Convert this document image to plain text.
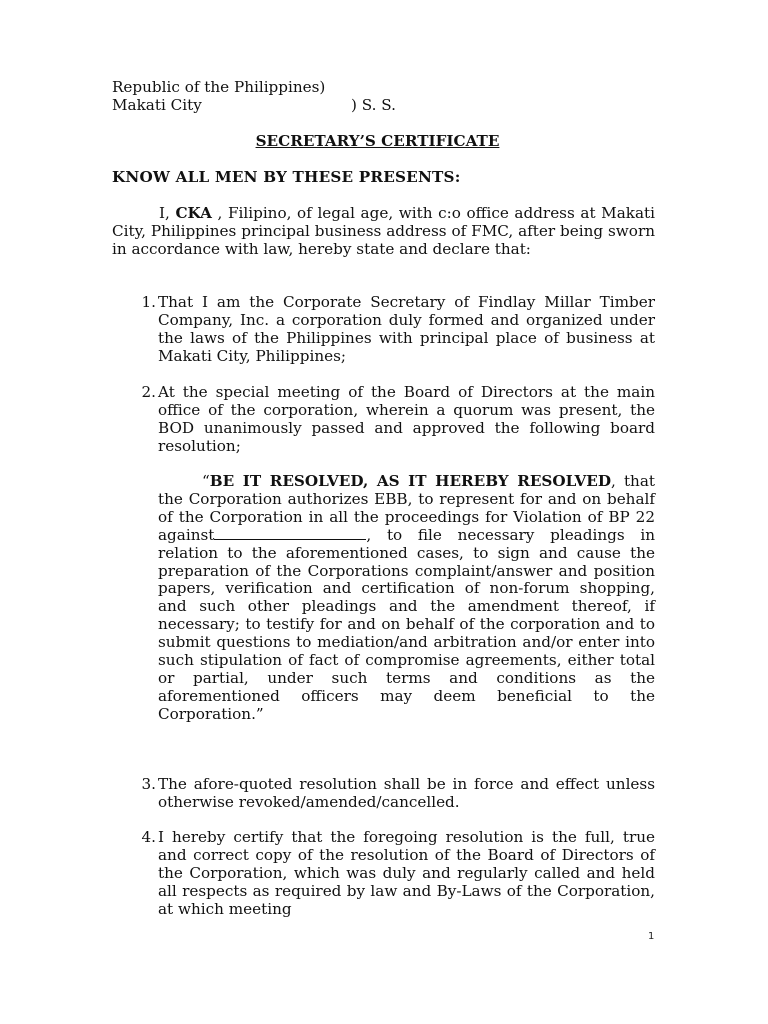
Republic of the Philippines)
Makati City	) S. S.
SECRETARY’S CERTIFICATE
KNOW ALL MEN BY THESE PRESENTS:
I, CKA , Filipino, of legal age, with c:o office address at Makati City, Philippines principal business address of FMC, after being sworn in accordance with law, hereby state and declare that:
1. That I am the Corporate Secretary of Findlay Millar Timber Company, Inc. a corporation duly formed and organized under the laws of the Philippines with principal place of business at Makati City, Philippines;
2. At the special meeting of the Board of Directors at the main office of the corporation, wherein a quorum was present, the BOD unanimously passed and approved the following board resolution;
“BE IT RESOLVED, AS IT HEREBY RESOLVED, that the Corporation authorizes EBB, to represent for and on behalf of the Corporation in all the proceedings for Violation of BP 22 against	, to file necessary pleadings in relation to the aforementioned cases, to sign and cause the preparation of the Corporations complaint/answer and position papers, verification and certification of non-forum shopping, and such other pleadings and the amendment thereof, if necessary; to testify for and on behalf of the corporation and to submit questions to mediation/and arbitration and/or enter into such stipulation of fact of compromise agreements, either total or partial, under such terms and conditions as the aforementioned officers may deem beneficial to the Corporation.”
3. The afore-quoted resolution shall be in force and effect unless otherwise revoked/amended/cancelled.
4. I hereby certify that the foregoing resolution is the full, true and correct copy of the resolution of the Board of Directors of the Corporation, which was duly and regularly called and held all respects as required by law and By-Laws of the Corporation, at which meeting
1
